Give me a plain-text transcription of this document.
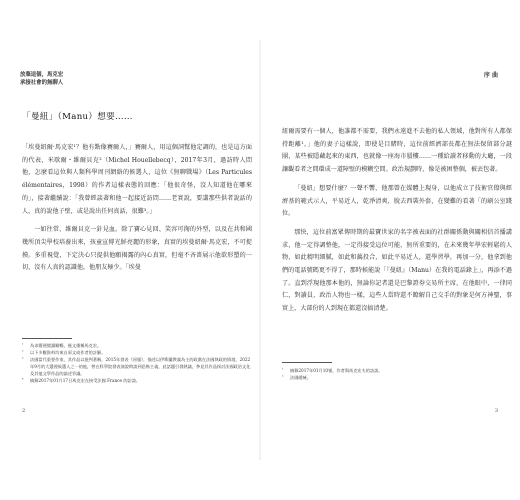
放棄這個，馬克宏
承接社會的無聊人
「曼紐」（Manu）想要……

「埃曼紐爾·馬克宏¹？他有點像賽爾人，」賽爾人，用這個詞幫他定調的，也是這方面的代表，米歇爾・維爾貝克²（Michel Houellebecq），2017年3月，過訪時人問他，怎麼看這位與人類科學周刊網絡的候選人，這位《無聊戰場》（Les Particules élémentaires，1998）的作者這樣表態的回應：「他很奇怪，沒人知道他在哪來的」，接著繼續說：「我曾經談著和他一起接近訪問……老實說，要講那些供者說話的人，真的說他子壁，或是說出任何真話，很難³。」

一如往常，維爾貝克一針見血。除了寶心見回、笑容可掬的外型，以及在共和國幾所頂尖學校培養出來，孩童宣傳光鮮亮麗的形象，真實的埃曼紐爾·馬克宏，不可捉摸。多重視覺，下定決心只提供他願揭露的內心真實，但毫不吝嗇展示他欲形塑的一切，沒有人真的認識他。他朋友極少。「埃曼

¹	為求簡便閱讀順暢，後文僅稱馬克宏。
²	以下多數資料均來自原文或作者的註解。
³	法國當代重要作家，其作品以批判著稱，2015年發表《屈服》，描述以伊斯蘭教義為主的政黨在法國執政的情境，2022年9月的大選裡候選人之一的他，曾在科學院發表演說時談到恐怖主義，此話題引發熱議，參見其作品探討法國政治文化及其他文學作品的論述爭議。
⁴	摘錄2017年01月17日馬克宏在接受法國 France 的訪談。
2
序 曲

紐爾需要有一個人，他誰都不需要，我們永遠進不去他的私人領域，他對所有人都保持距離¹，」他的妻子這樣說，即使是目睹時，這位前經濟部長都在無法保留部分謎團，某些被隱藏起來的東西，也就像一座海市蜃樓……一種給讀者移動的大廳，一段讓觀看者之間環成一道障壁的模糊空間。政治規劃時，像是被困整個，被丟包著。

「曼紐」想要什麼？一聲不響，他那曾在媒體上現身，以他成立了技術官僚與經濟基的範式示人，平易近人，乾淨清爽，脫去西裝外套，在變難的看著「的刷公室踐位。

那快，這位前富眾傳時期的最寶世家的名字被表面的社群關係動與關相信首播講求，他一定得調整他，一定得接受這位可能，無所重要的，在未來幾年學宏輕鬆的人物，如此精明細膩，如此和藹投合，如此平易近人，還學習學，再加一分，他拿到他們的電話號碼更不得了，那時候能說「『曼紐』（Manu）在我的電話錄上」，再添不過了。直到浮現他那本他的，無論你記者還是巴黎證券交易所主席，在他眼中，一律同仁，對讀員，政治人物也一樣，這些人當時還不瞭解自己交手的對象是何方神聖，事實上，大部份的人到現在都還沒搞清楚。

¹	摘錄2017年01月10號，作者與馬克宏夫的訪談。
²	法國總統。
3
